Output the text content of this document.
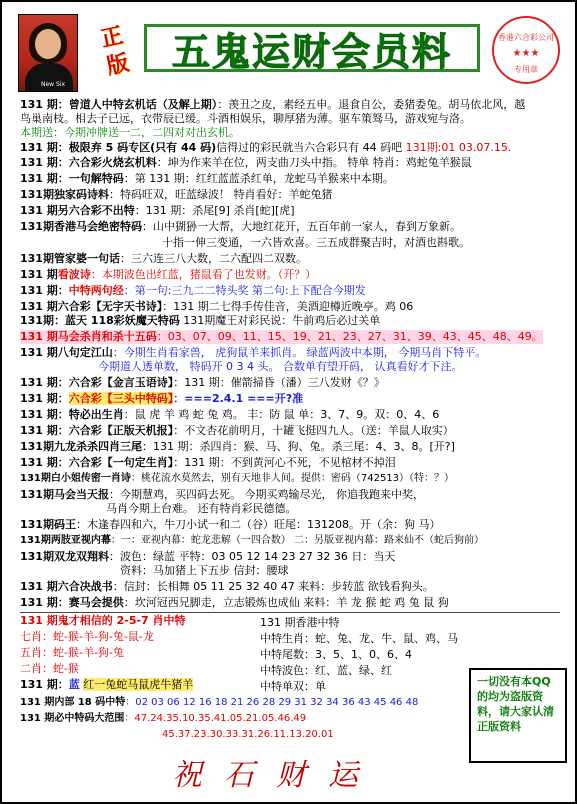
New Six
正版 五鬼运财会员料	香港六合彩公司
★★★
专用章
131 期：曾道人中特玄机话（及解上期）：羡丑之皮，素经五申。退食自公，委猪委兔。胡马依北风，越
鸟巢南枝。相去子已远，衣带辰已缓。斗酒相娱乐，聊厚猪为薄。驱车策驽马，游戏宛与洛。
本期送：今期冲牌送一二，二四对对出玄机。
131 期：极限弃 5 码专区(只有 44 码)信得过的彩民就当六合彩只有 44 码吧 131期:01 03.07.15.
131 期：六合彩火烧玄机料：坤为作来羊在位，两支曲刀头中指。 特单 特肖：鸡蛇兔羊猴鼠
131 期：一句解特码：第 131 期：红红蓝蓝杀红单，龙蛇马羊猴来中本期。
131期独家码诗料：特码旺双，旺蓝绿波！ 特肖看好：羊蛇兔猪
131 期另六合彩不出特：131 期：杀尾[9] 杀肖[蛇][虎]
131期香港马会绝密特码：山中猢狲一大帮，大地红花开，五百年前一家人，春到万象新。
十指一伸三变通，一六皆欢喜。三五成群聚吉时，对酒也斟歌。
131期管家婆一句话：三六连三八大数，二六配四二双数。
131 期看波诗：本期波色出红蓝，猪鼠看了也发财。（开？）
131 期：中特两句经：第一句:三九二二特头奖 第二句:上下配合今期发
131 期六合彩【无字天书诗】：131 期二七得手传佳音，美酒迎樽近晚亭。鸡 06
131期：蓝天 118彩妖魔天特码 131期魔王对彩民说：牛前鸡后必过关单
131 期马会杀肖和杀十五码：03、07、09、11、15、19、21、23、27、31、39、43、45、48、49。
131 期八句定江山：今期生肖看家兽， 虎狗鼠羊来抓肖。 绿蓝两波中本期， 今期马肖下特平。
今期道人透单数， 特码开 0 3 4 头。 合数单有望开码， 认真看好才下注。
131 期：六合彩【金言玉语诗】：131 期：催箭掃昏（潘）三八发财《？》
131 期：六合彩【三头中特码】：===2.4.1 ===开?准
131 期：特必出生肖：鼠 虎 羊 鸡 蛇 兔 鸡。 丰：防 鼠 单：3、7、9。双：0、4、6
131 期：六合彩【正版天机报】：不文杏花前明月，十罐飞挺四九人。（送：羊鼠人取实）
131期九龙杀杀四肖三尾：131 期：杀四肖：猴、马、狗、兔。杀三尾：4、3、8。[开?]
131 期：六合彩【一句定生肖】：131 期：不到黄河心不死，不见棺材不掉泪
131期白小姐传密一肖诗：桃花流水莫然去，别有天地非人间。提供：密码（742513）（特：？）
131期马会当天报：今期慧鸡，买四码去死。 今期买鸡输尽光， 你追我跑来中奖，
马肖今期上台难。 还有特肖彩民德德。
131期码王：木逢春四和六，牛刀小试一和二（谷）旺尾：131208。开（余：狗 马）
131期两肢亚视内幕：一：亚视内幕：蛇龙悲解（一四合数） 二：另版亚视内幕：路来仙不（蛇后狗前）
131期双龙双翔料：波色：绿蓝 平特：03 05 12 14 23 27 32 36 日：当天
资料：马加猪上下五步 信封：腰球
131 期六合决战书：信封：长相舞 05 11 25 32 40 47 来料：步转蓝 欲钱看狗头。
131 期：赛马会提供：坎河冠西兄脚走，立志锻炼也成仙 来料：羊 龙 猴 蛇 鸡 兔 鼠 狗
131 期鬼才相信的 2-5-7 肖中特
七肖：蛇-猴-羊-狗-兔-鼠-龙
五肖：蛇-猴-羊-狗-兔
二肖：蛇-猴
131 期：蓝 红一兔蛇马鼠虎牛猪羊
131 期香港中特
中特生肖：蛇、兔、龙、牛、鼠、鸡、马
中特尾数：3、5、1、0、6、4
中特波色：红、蓝、绿、红
中特单双：单
131 期内部 18 码中特：02 03 06 12 16 18 21 26 28 29 31 32 34 36 43 45 46 48
131 期必中特码大范围：47.24.35.10.35.41.05.21.05.46.49
45.37.23.30.33.31.26.11.13.20.01
一切没有本QQ 的均为盗版资料，请大家认清正版资料
祝石财运
